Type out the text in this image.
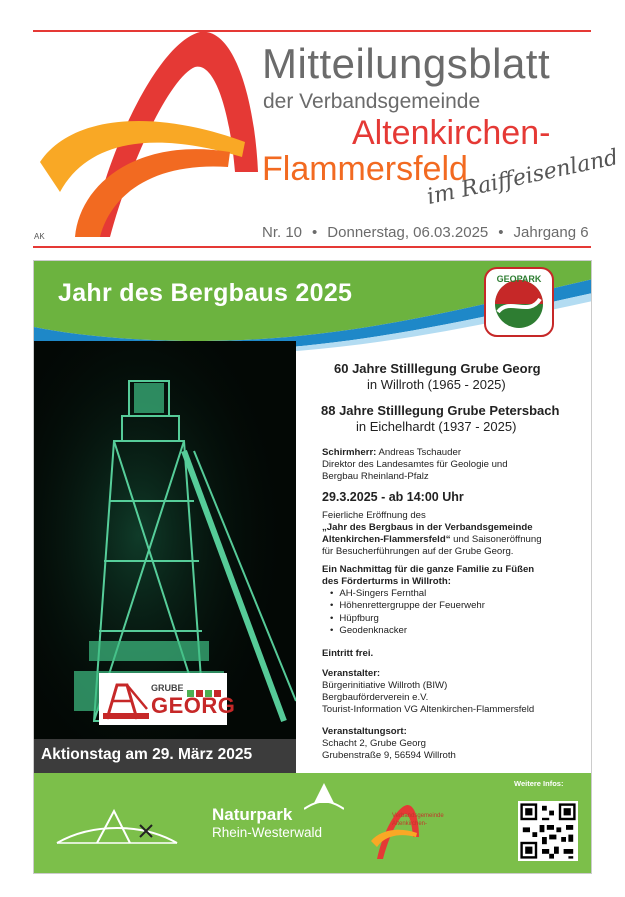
Mitteilungsblatt
der Verbandsgemeinde
Altenkirchen-
Flammersfeld
im Raiffeisenland
AK	Nr. 10 • Donnerstag, 06.03.2025 • Jahrgang 6
Jahr des Bergbaus 2025	GEOPARK
Westerwald-Lahn-Taunus
GRUBE
GEORG
Aktionstag am 29. März 2025
60 Jahre Stilllegung Grube Georg
in Willroth (1965 - 2025)
88 Jahre Stilllegung Grube Petersbach
in Eichelhardt (1937 - 2025)
Schirmherr: Andreas Tschauder
Direktor des Landesamtes für Geologie und
Bergbau Rheinland-Pfalz
29.3.2025 - ab 14:00 Uhr
Feierliche Eröffnung des
„Jahr des Bergbaus in der Verbandsgemeinde
Altenkirchen-Flammersfeld“ und Saisoneröffnung
für Besucherführungen auf der Grube Georg.
Ein Nachmittag für die ganze Familie zu Füßen
des Förderturms in Willroth:
• AH-Singers Fernthal
• Höhenrettergruppe der Feuerwehr
• Hüpfburg
• Geodenknacker
Eintritt frei.
Veranstalter:
Bürgerinitiative Willroth (BIW)
Bergbauförderverein e.V.
Tourist-Information VG Altenkirchen-Flammersfeld
Veranstaltungsort:
Schacht 2, Grube Georg
Grubenstraße 9, 56594 Willroth
Naturpark
Rhein-Westerwald
Verbandsgemeinde
Altenkirchen-
Weitere Infos:
